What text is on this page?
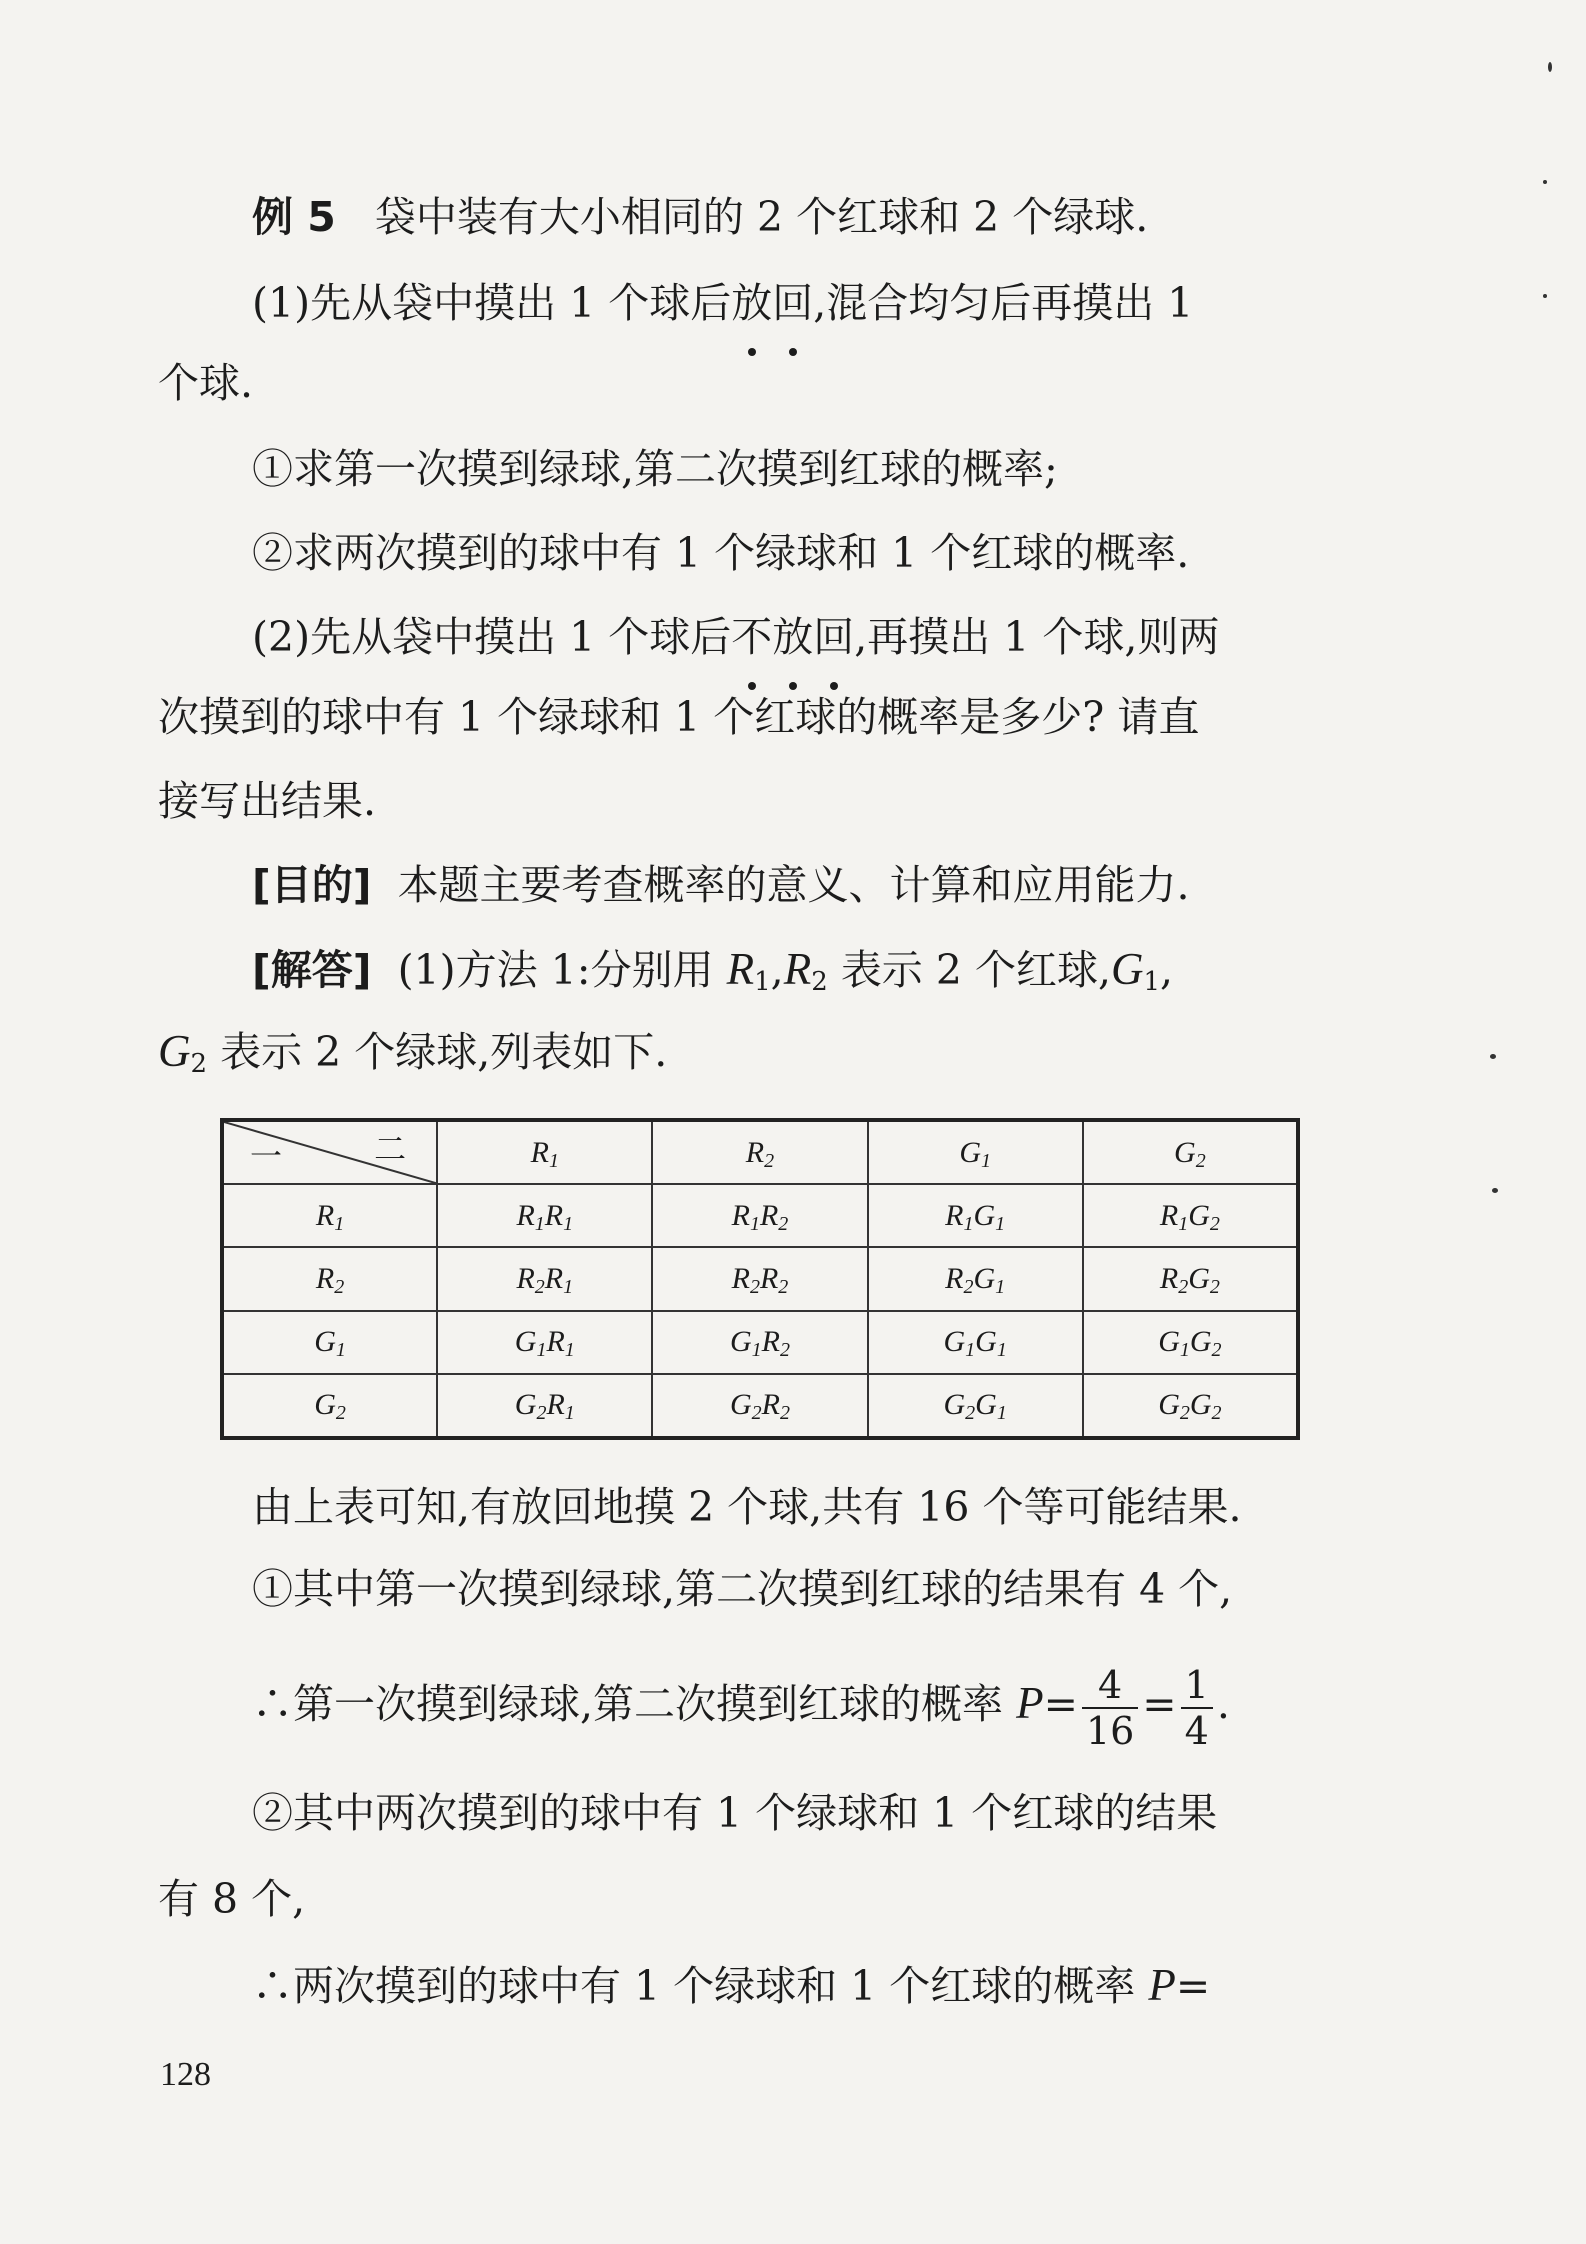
例 5 袋中装有大小相同的 2 个红球和 2 个绿球.
(1)先从袋中摸出 1 个球后放回,混合均匀后再摸出 1
个球.
①求第一次摸到绿球,第二次摸到红球的概率;
②求两次摸到的球中有 1 个绿球和 1 个红球的概率.
(2)先从袋中摸出 1 个球后不放回,再摸出 1 个球,则两
次摸到的球中有 1 个绿球和 1 个红球的概率是多少? 请直
接写出结果.
[目的] 本题主要考查概率的意义、计算和应用能力.
[解答] (1)方法 1:分别用 $R_1,R_2$ 表示 2 个红球$,G_1$,
$G_2$ 表示 2 个绿球,列表如下.
二
一	$R_1$	$R_2$	$G_1$	$G_2$
$R_1$	$R_1R_1$	$R_1R_2$	$R_1G_1$	$R_1G_2$
$R_2$	$R_2R_1$	$R_2R_2$	$R_2G_1$	$R_2G_2$
$G_1$	$G_1R_1$	$G_1R_2$	$G_1G_1$	$G_1G_2$
$G_2$	$G_2R_1$	$G_2R_2$	$G_2G_1$	$G_2G_2$
由上表可知,有放回地摸 2 个球,共有 16 个等可能结果.
①其中第一次摸到绿球,第二次摸到红球的结果有 4 个,
∴第一次摸到绿球,第二次摸到红球的概率 $P= \frac{4}{16} = \frac{1}{4}$ .
②其中两次摸到的球中有 1 个绿球和 1 个红球的结果
有 8 个,
∴两次摸到的球中有 1 个绿球和 1 个红球的概率 P=
128
